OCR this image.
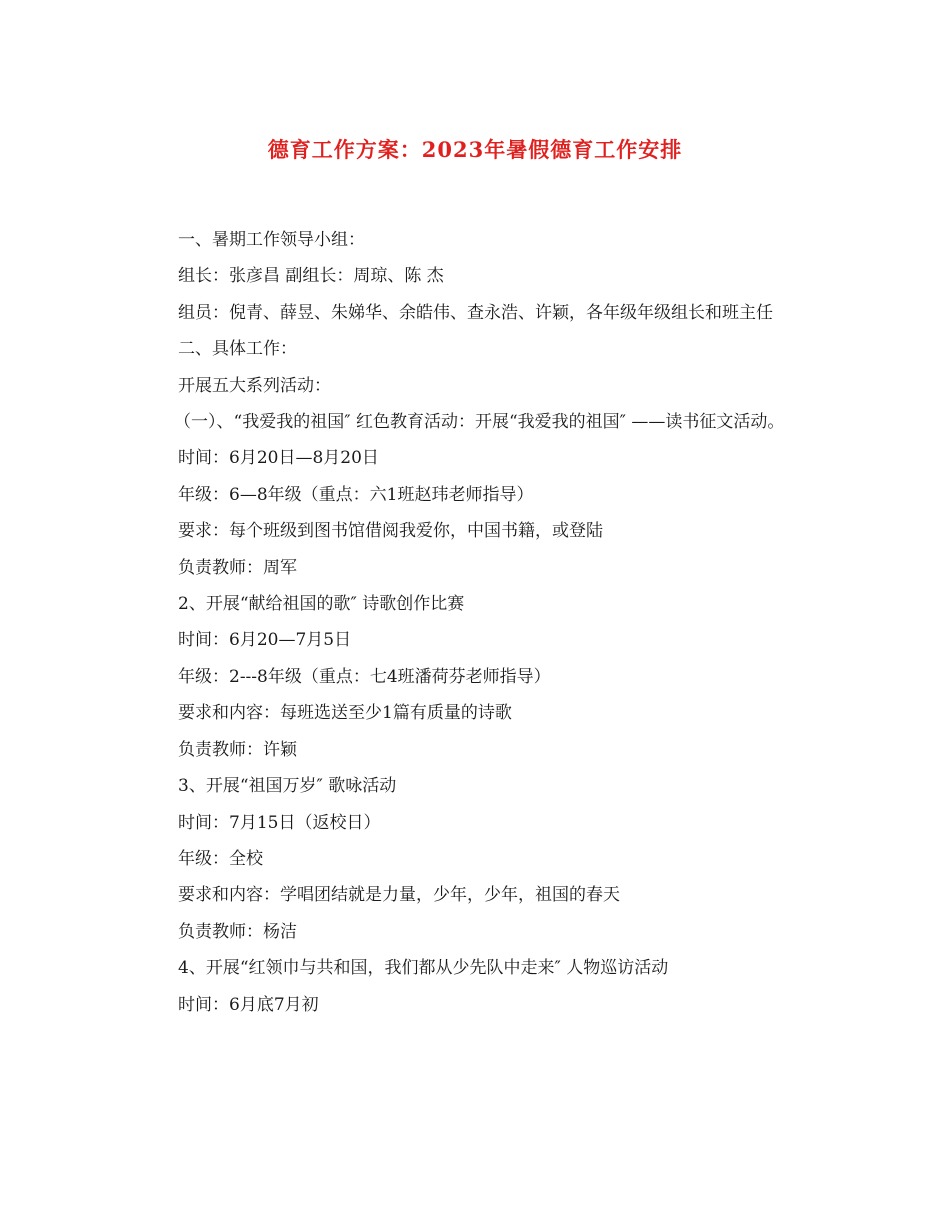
德育工作方案：2023年暑假德育工作安排

一、暑期工作领导小组：

组长：张彦昌 副组长：周琼、陈 杰

组员：倪青、薛昱、朱娣华、余皓伟、查永浩、许颖，各年级年级组长和班主任

二、具体工作：

开展五大系列活动：

（一）、“我爱我的祖国″ 红色教育活动：开展“我爱我的祖国″ ——读书征文活动。

时间：6月20日—8月20日

年级：6—8年级（重点：六1班赵玮老师指导）

要求：每个班级到图书馆借阅我爱你，中国书籍，或登陆

负责教师：周军

2、开展“献给祖国的歌″ 诗歌创作比赛

时间：6月20—7月5日

年级：2---8年级（重点：七4班潘荷芬老师指导）

要求和内容：每班选送至少1篇有质量的诗歌

负责教师：许颖

3、开展“祖国万岁″ 歌咏活动

时间：7月15日（返校日）

年级：全校

要求和内容：学唱团结就是力量，少年，少年，祖国的春天

负责教师：杨洁

4、开展“红领巾与共和国，我们都从少先队中走来″ 人物巡访活动

时间：6月底7月初
